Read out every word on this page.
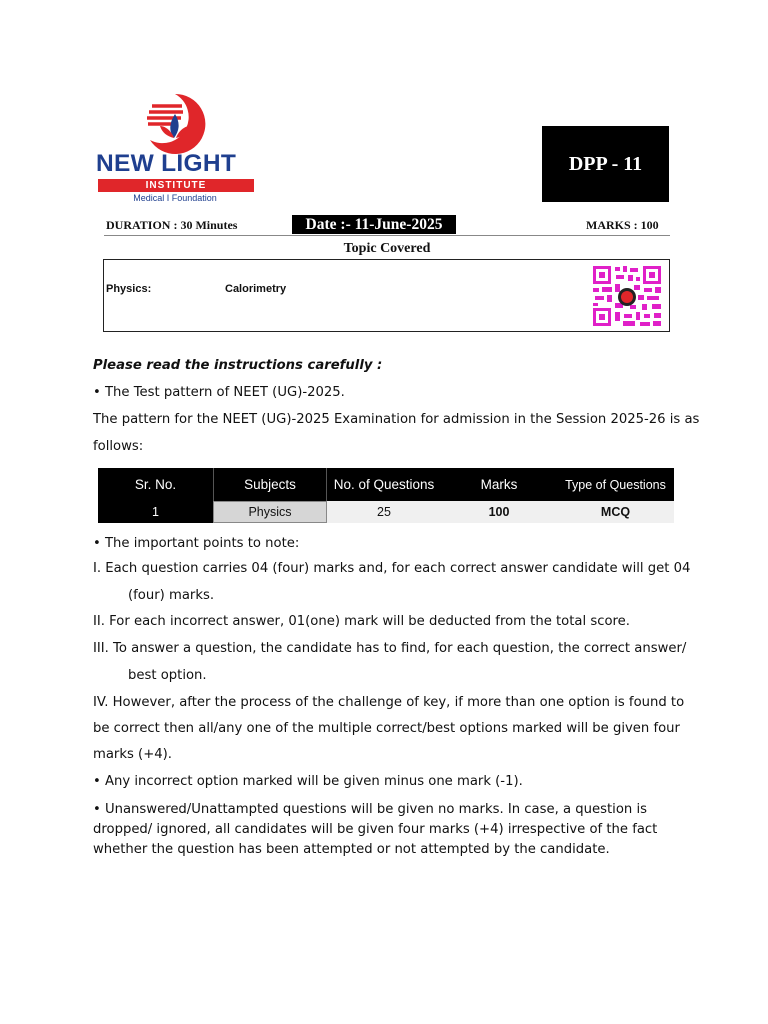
NEW LIGHT
INSTITUTE
Medical I Foundation
DPP - 11
DURATION : 30 Minutes	Date :- 11-June-2025	MARKS : 100
Topic Covered
Physics:	Calorimetry
Please read the instructions carefully :
• The Test pattern of NEET (UG)-2025.
The pattern for the NEET (UG)-2025 Examination for admission in the Session 2025-26 is as
follows:
Sr. No.	Subjects	No. of Questions	Marks	Type of Questions
1	Physics	25	100	MCQ
• The important points to note:
I. Each question carries 04 (four) marks and, for each correct answer candidate will get 04
(four) marks.
II. For each incorrect answer, 01(one) mark will be deducted from the total score.
III. To answer a question, the candidate has to find, for each question, the correct answer/
best option.
IV. However, after the process of the challenge of key, if more than one option is found to
be correct then all/any one of the multiple correct/best options marked will be given four
marks (+4).
• Any incorrect option marked will be given minus one mark (-1).
• Unanswered/Unattampted questions will be given no marks. In case, a question is
dropped/ ignored, all candidates will be given four marks (+4) irrespective of the fact
whether the question has been attempted or not attempted by the candidate.
